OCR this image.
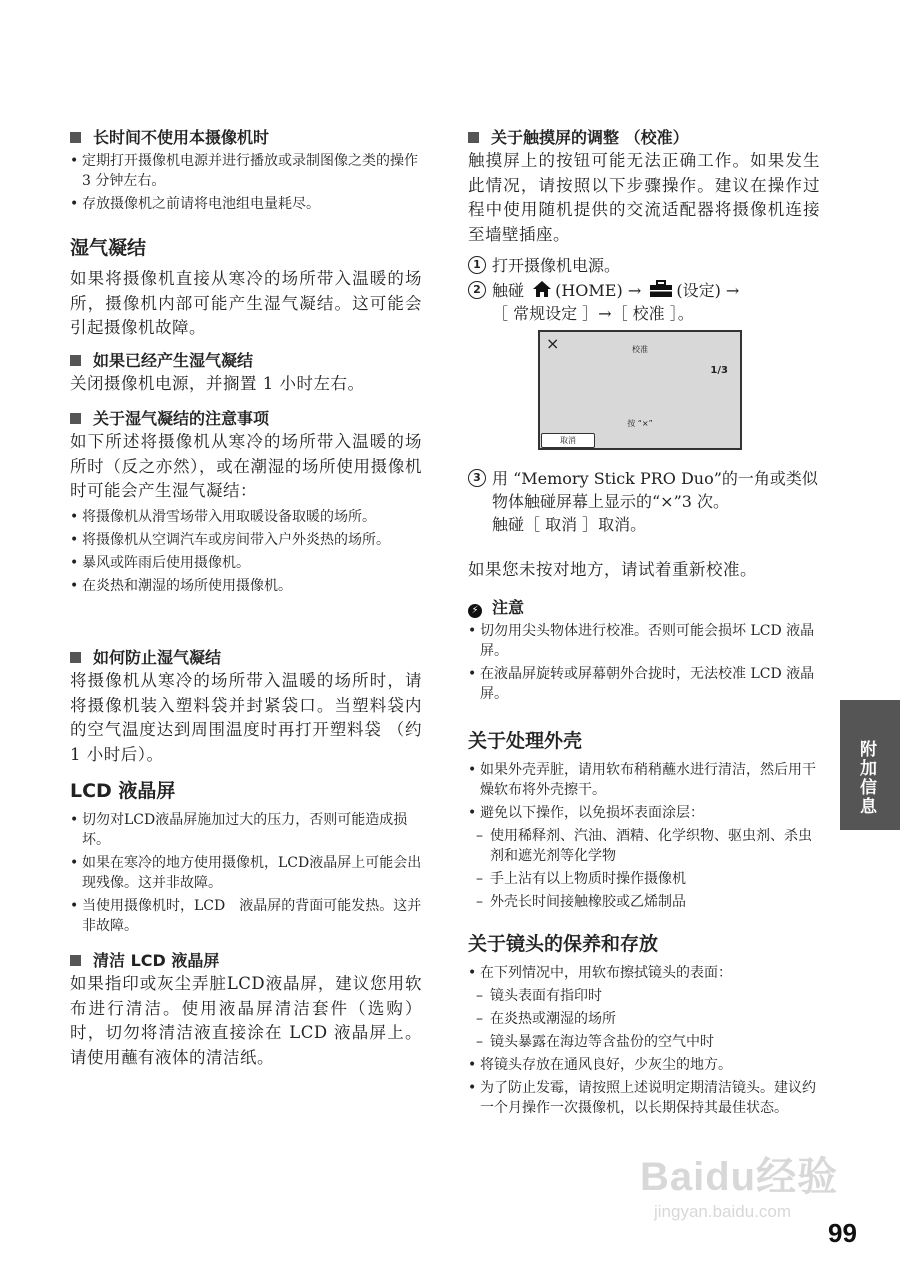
长时间不使用本摄像机时
• 定期打开摄像机电源并进行播放或录制图像之类的操作 3 分钟左右。
• 存放摄像机之前请将电池组电量耗尽。
湿气凝结
如果将摄像机直接从寒冷的场所带入温暖的场所，摄像机内部可能产生湿气凝结。这可能会引起摄像机故障。
如果已经产生湿气凝结
关闭摄像机电源，并搁置 1 小时左右。
关于湿气凝结的注意事项
如下所述将摄像机从寒冷的场所带入温暖的场所时（反之亦然），或在潮湿的场所使用摄像机时可能会产生湿气凝结：
• 将摄像机从滑雪场带入用取暖设备取暖的场所。
• 将摄像机从空调汽车或房间带入户外炎热的场所。
• 暴风或阵雨后使用摄像机。
• 在炎热和潮湿的场所使用摄像机。
如何防止湿气凝结
将摄像机从寒冷的场所带入温暖的场所时，请将摄像机装入塑料袋并封紧袋口。当塑料袋内的空气温度达到周围温度时再打开塑料袋 （约 1 小时后）。
LCD 液晶屏
• 切勿对LCD液晶屏施加过大的压力，否则可能造成损坏。
• 如果在寒冷的地方使用摄像机，LCD液晶屏上可能会出现残像。这并非故障。
• 当使用摄像机时，LCD　液晶屏的背面可能发热。这并非故障。
清洁 LCD 液晶屏
如果指印或灰尘弄脏LCD液晶屏，建议您用软布进行清洁。使用液晶屏清洁套件（选购）时，切勿将清洁液直接涂在 LCD 液晶屏上。请使用蘸有液体的清洁纸。
关于触摸屏的调整 （校准）
触摸屏上的按钮可能无法正确工作。如果发生此情况，请按照以下步骤操作。建议在操作过程中使用随机提供的交流适配器将摄像机连接至墙壁插座。
1 打开摄像机电源。
2 触碰 (HOME) → (设定) →
［ 常规设定 ］→［ 校准 ］。
×	校准
1/3
按 “×”
取消
3 用 “Memory Stick PRO Duo”的一角或类似物体触碰屏幕上显示的“×”3 次。
触碰［ 取消 ］取消。
如果您未按对地方，请试着重新校准。
⚡ 注意
• 切勿用尖头物体进行校准。否则可能会损坏 LCD 液晶屏。
• 在液晶屏旋转或屏幕朝外合拢时，无法校准 LCD 液晶屏。
关于处理外壳
• 如果外壳弄脏，请用软布稍稍蘸水进行清洁，然后用干燥软布将外壳擦干。
• 避免以下操作，以免损坏表面涂层：
– 使用稀释剂、汽油、酒精、化学织物、驱虫剂、杀虫剂和遮光剂等化学物
– 手上沾有以上物质时操作摄像机
– 外壳长时间接触橡胶或乙烯制品
关于镜头的保养和存放
• 在下列情况中，用软布擦拭镜头的表面：
– 镜头表面有指印时
– 在炎热或潮湿的场所
– 镜头暴露在海边等含盐份的空气中时
• 将镜头存放在通风良好，少灰尘的地方。
• 为了防止发霉，请按照上述说明定期清洁镜头。建议约一个月操作一次摄像机，以长期保持其最佳状态。
附加信息
Baidu经验
jingyan.baidu.com
99
